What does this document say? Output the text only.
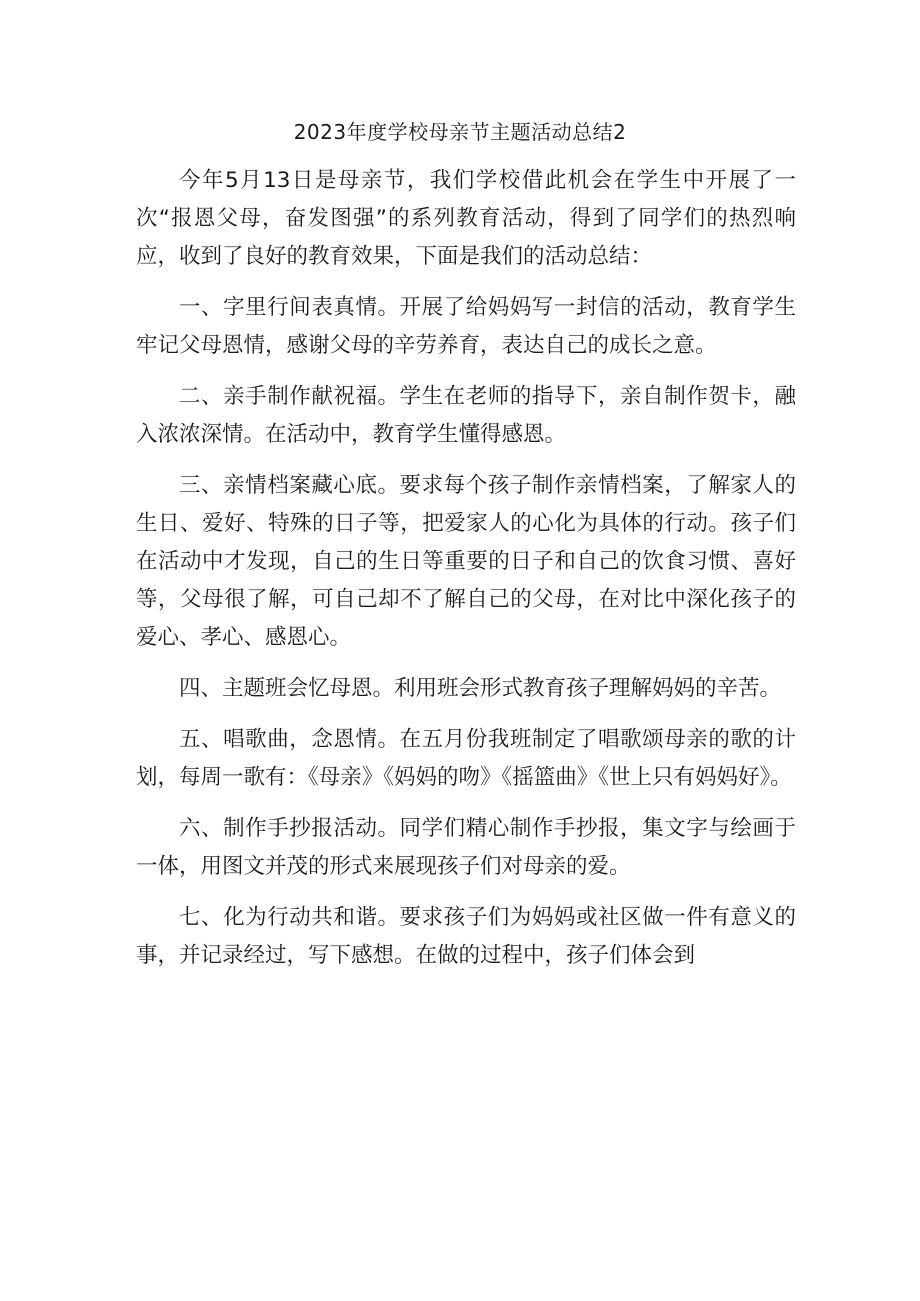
2023年度学校母亲节主题活动总结2

今年5月13日是母亲节，我们学校借此机会在学生中开展了一次“报恩父母，奋发图强”的系列教育活动，得到了同学们的热烈响应，收到了良好的教育效果，下面是我们的活动总结：

一、字里行间表真情。开展了给妈妈写一封信的活动，教育学生牢记父母恩情，感谢父母的辛劳养育，表达自己的成长之意。

二、亲手制作献祝福。学生在老师的指导下，亲自制作贺卡，融入浓浓深情。在活动中，教育学生懂得感恩。

三、亲情档案藏心底。要求每个孩子制作亲情档案，了解家人的生日、爱好、特殊的日子等，把爱家人的心化为具体的行动。孩子们在活动中才发现，自己的生日等重要的日子和自己的饮食习惯、喜好等，父母很了解，可自己却不了解自己的父母，在对比中深化孩子的爱心、孝心、感恩心。

四、主题班会忆母恩。利用班会形式教育孩子理解妈妈的辛苦。

五、唱歌曲，念恩情。在五月份我班制定了唱歌颂母亲的歌的计划，每周一歌有：《母亲》《妈妈的吻》《摇篮曲》《世上只有妈妈好》。

六、制作手抄报活动。同学们精心制作手抄报，集文字与绘画于一体，用图文并茂的形式来展现孩子们对母亲的爱。

七、化为行动共和谐。要求孩子们为妈妈或社区做一件有意义的事，并记录经过，写下感想。在做的过程中，孩子们体会到
